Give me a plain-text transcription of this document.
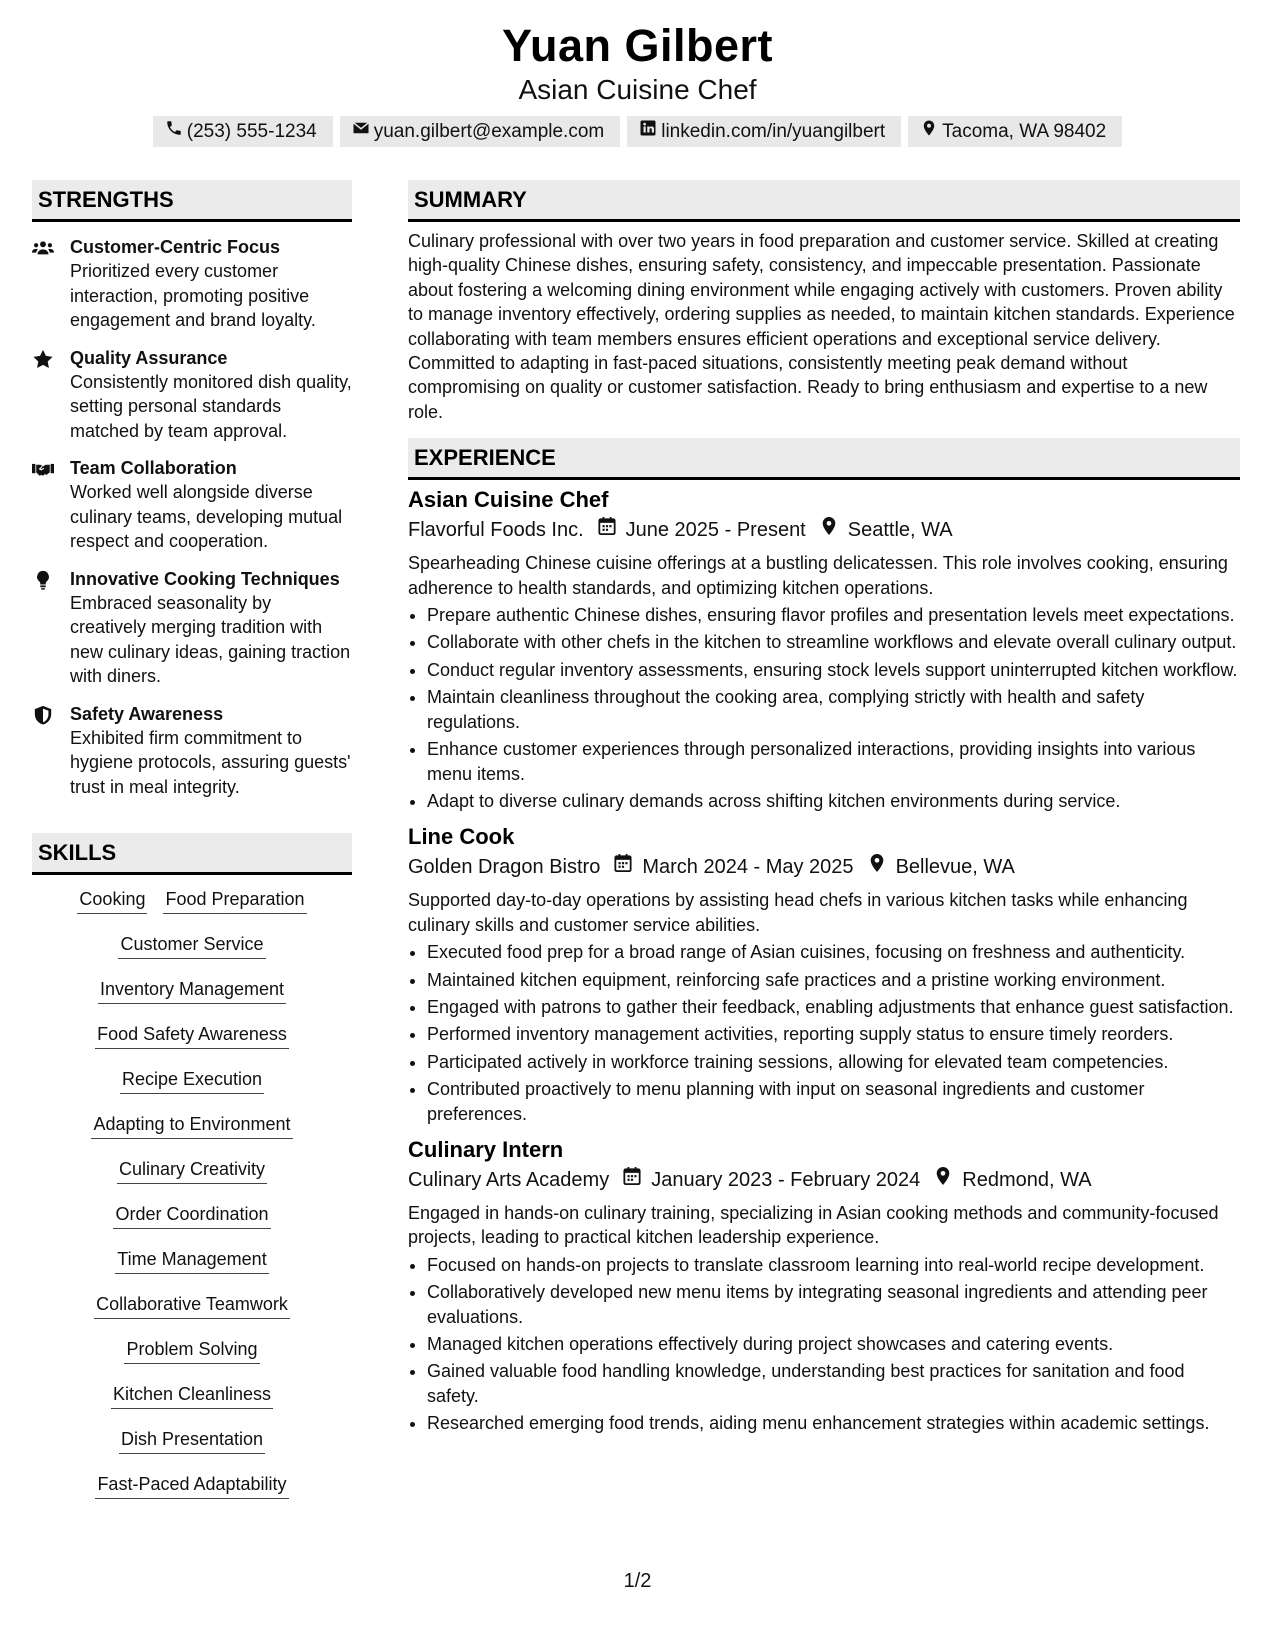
Yuan Gilbert
Asian Cuisine Chef
(253) 555-1234	yuan.gilbert@example.com	linkedin.com/in/yuangilbert	Tacoma, WA 98402
STRENGTHS
Customer-Centric Focus
Prioritized every customer interaction, promoting positive engagement and brand loyalty.
Quality Assurance
Consistently monitored dish quality, setting personal standards matched by team approval.
Team Collaboration
Worked well alongside diverse culinary teams, developing mutual respect and cooperation.
Innovative Cooking Techniques
Embraced seasonality by creatively merging tradition with new culinary ideas, gaining traction with diners.
Safety Awareness
Exhibited firm commitment to hygiene protocols, assuring guests' trust in meal integrity.
SKILLS
Cooking Food Preparation
Customer Service
Inventory Management
Food Safety Awareness
Recipe Execution
Adapting to Environment
Culinary Creativity
Order Coordination
Time Management
Collaborative Teamwork
Problem Solving
Kitchen Cleanliness
Dish Presentation
Fast-Paced Adaptability
SUMMARY
Culinary professional with over two years in food preparation and customer service. Skilled at creating high-quality Chinese dishes, ensuring safety, consistency, and impeccable presentation. Passionate about fostering a welcoming dining environment while engaging actively with customers. Proven ability to manage inventory effectively, ordering supplies as needed, to maintain kitchen standards. Experience collaborating with team members ensures efficient operations and exceptional service delivery. Committed to adapting in fast-paced situations, consistently meeting peak demand without compromising on quality or customer satisfaction. Ready to bring enthusiasm and expertise to a new role.
EXPERIENCE
Asian Cuisine Chef
Flavorful Foods Inc. June 2025 - Present Seattle, WA
Spearheading Chinese cuisine offerings at a bustling delicatessen. This role involves cooking, ensuring adherence to health standards, and optimizing kitchen operations.
• Prepare authentic Chinese dishes, ensuring flavor profiles and presentation levels meet expectations.
• Collaborate with other chefs in the kitchen to streamline workflows and elevate overall culinary output.
• Conduct regular inventory assessments, ensuring stock levels support uninterrupted kitchen workflow.
• Maintain cleanliness throughout the cooking area, complying strictly with health and safety regulations.
• Enhance customer experiences through personalized interactions, providing insights into various menu items.
• Adapt to diverse culinary demands across shifting kitchen environments during service.
Line Cook
Golden Dragon Bistro March 2024 - May 2025 Bellevue, WA
Supported day-to-day operations by assisting head chefs in various kitchen tasks while enhancing culinary skills and customer service abilities.
• Executed food prep for a broad range of Asian cuisines, focusing on freshness and authenticity.
• Maintained kitchen equipment, reinforcing safe practices and a pristine working environment.
• Engaged with patrons to gather their feedback, enabling adjustments that enhance guest satisfaction.
• Performed inventory management activities, reporting supply status to ensure timely reorders.
• Participated actively in workforce training sessions, allowing for elevated team competencies.
• Contributed proactively to menu planning with input on seasonal ingredients and customer preferences.
Culinary Intern
Culinary Arts Academy January 2023 - February 2024 Redmond, WA
Engaged in hands-on culinary training, specializing in Asian cooking methods and community-focused projects, leading to practical kitchen leadership experience.
• Focused on hands-on projects to translate classroom learning into real-world recipe development.
• Collaboratively developed new menu items by integrating seasonal ingredients and attending peer evaluations.
• Managed kitchen operations effectively during project showcases and catering events.
• Gained valuable food handling knowledge, understanding best practices for sanitation and food safety.
• Researched emerging food trends, aiding menu enhancement strategies within academic settings.
1/2
